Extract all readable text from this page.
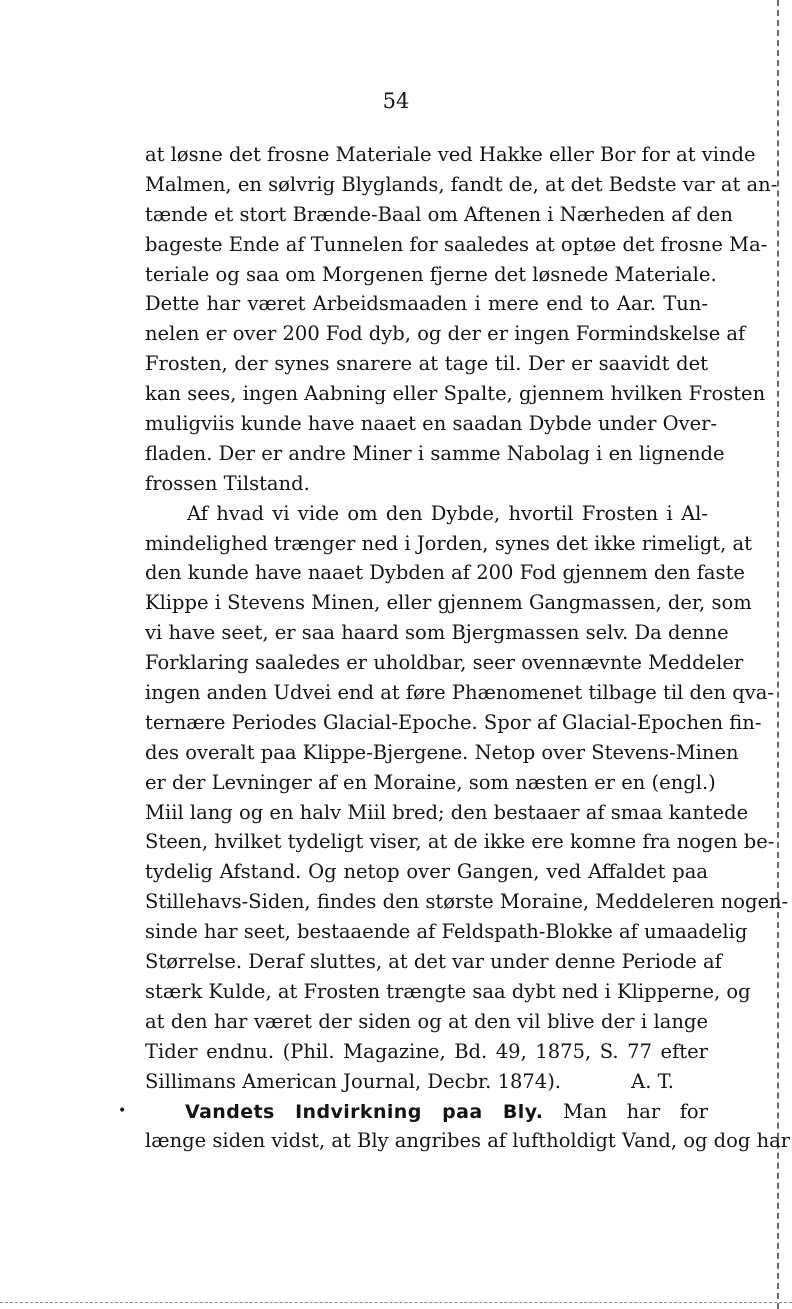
54
at løsne det frosne Materiale ved Hakke eller Bor for at vinde
Malmen, en sølvrig Blyglands, fandt de, at det Bedste var at an-
tænde et stort Brænde-Baal om Aftenen i Nærheden af den
bageste Ende af Tunnelen for saaledes at optøe det frosne Ma-
teriale og saa om Morgenen fjerne det løsnede Materiale.
Dette har været Arbeidsmaaden i mere end to Aar. Tun-
nelen er over 200 Fod dyb, og der er ingen Formindskelse af
Frosten, der synes snarere at tage til. Der er saavidt det
kan sees, ingen Aabning eller Spalte, gjennem hvilken Frosten
muligviis kunde have naaet en saadan Dybde under Over-
fladen. Der er andre Miner i samme Nabolag i en lignende
frossen Tilstand.
Af hvad vi vide om den Dybde, hvortil Frosten i Al-
mindelighed trænger ned i Jorden, synes det ikke rimeligt, at
den kunde have naaet Dybden af 200 Fod gjennem den faste
Klippe i Stevens Minen, eller gjennem Gangmassen, der, som
vi have seet, er saa haard som Bjergmassen selv. Da denne
Forklaring saaledes er uholdbar, seer ovennævnte Meddeler
ingen anden Udvei end at føre Phænomenet tilbage til den qva-
ternære Periodes Glacial-Epoche. Spor af Glacial-Epochen fin-
des overalt paa Klippe-Bjergene. Netop over Stevens-Minen
er der Levninger af en Moraine, som næsten er en (engl.)
Miil lang og en halv Miil bred; den bestaaer af smaa kantede
Steen, hvilket tydeligt viser, at de ikke ere komne fra nogen be-
tydelig Afstand. Og netop over Gangen, ved Affaldet paa
Stillehavs-Siden, findes den største Moraine, Meddeleren nogen-
sinde har seet, bestaaende af Feldspath-Blokke af umaadelig
Størrelse. Deraf sluttes, at det var under denne Periode af
stærk Kulde, at Frosten trængte saa dybt ned i Klipperne, og
at den har været der siden og at den vil blive der i lange
Tider endnu. (Phil. Magazine, Bd. 49, 1875, S. 77 efter
Sillimans American Journal, Decbr. 1874).	A. T.
•	Vandets Indvirkning paa Bly. Man har for
længe siden vidst, at Bly angribes af luftholdigt Vand, og dog har
